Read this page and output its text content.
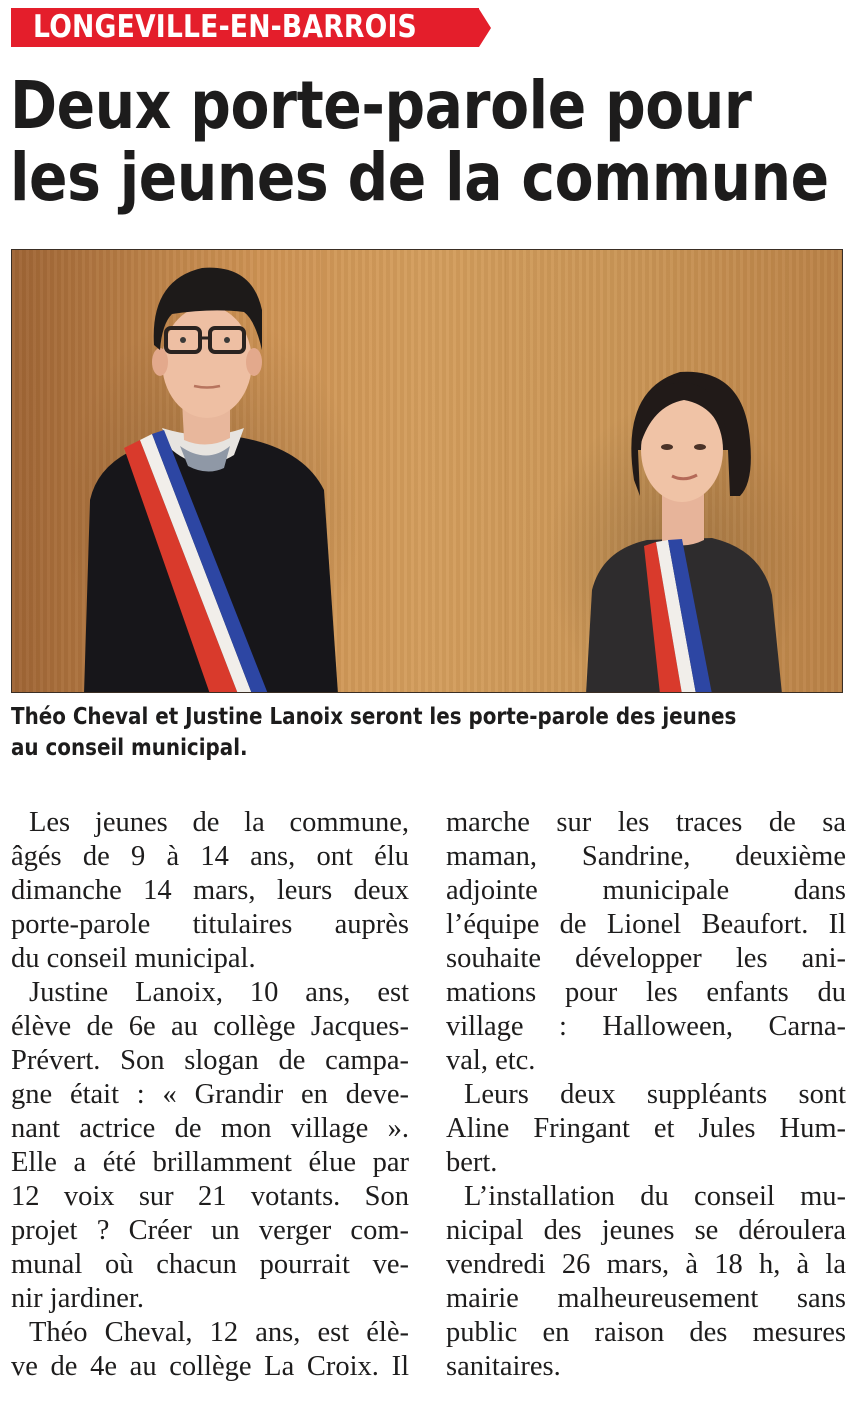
LONGEVILLE-EN-BARROIS
Deux porte-parole pour
les jeunes de la commune

Théo Cheval et Justine Lanoix seront les porte-parole des jeunes
au conseil municipal.

Les jeunes de la commune,
âgés de 9 à 14 ans, ont élu
dimanche 14 mars, leurs deux
porte-parole titulaires auprès
du conseil municipal.
Justine Lanoix, 10 ans, est
élève de 6e au collège Jacques-
Prévert. Son slogan de campa-
gne était : « Grandir en deve-
nant actrice de mon village ».
Elle a été brillamment élue par
12 voix sur 21 votants. Son
projet ? Créer un verger com-
munal où chacun pourrait ve-
nir jardiner.
Théo Cheval, 12 ans, est élè-
ve de 4e au collège La Croix. Il
marche sur les traces de sa
maman, Sandrine, deuxième
adjointe municipale dans
l’équipe de Lionel Beaufort. Il
souhaite développer les ani-
mations pour les enfants du
village : Halloween, Carna-
val, etc.
Leurs deux suppléants sont
Aline Fringant et Jules Hum-
bert.
L’installation du conseil mu-
nicipal des jeunes se déroulera
vendredi 26 mars, à 18 h, à la
mairie malheureusement sans
public en raison des mesures
sanitaires.
